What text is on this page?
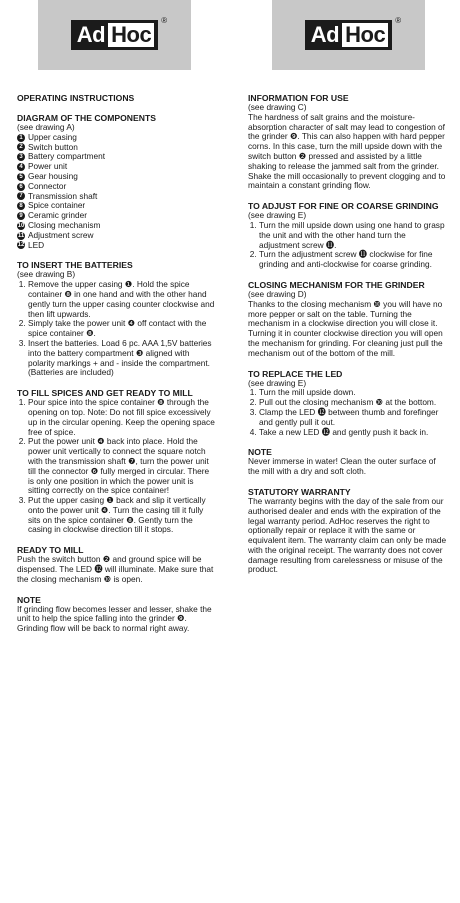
Ad Hoc
®
Ad Hoc
®
OPERATING INSTRUCTIONS
DIAGRAM OF THE COMPONENTS

(see drawing A)

1 Upper casing
2 Switch button
3 Battery compartment
4 Power unit
5 Gear housing
6 Connector
7 Transmission shaft
8 Spice container
9 Ceramic grinder
10 Closing mechanism
11 Adjustment screw
12 LED
TO INSERT THE BATTERIES

(see drawing B)

1. Remove the upper casing ❶. Hold the spice container ❽ in one hand and with the other hand gently turn the upper casing counter clockwise and then lift upwards.
2. Simply take the power unit ❹ off contact with the spice container ❽.
3. Insert the batteries. Load 6 pc. AAA 1,5V batteries into the battery compartment ❸ aligned with polarity markings + and - inside the compartment. (Batteries are included)
TO FILL SPICES AND GET READY TO MILL
1. Pour spice into the spice container ❽ through the opening on top. Note: Do not fill spice excessively up in the circular opening. Keep the opening space free of spice.
2. Put the power unit ❹ back into place. Hold the power unit vertically to connect the square notch with the transmission shaft ❼, turn the power unit till the connector ❻ fully merged in circular. There is only one position in which the power unit is sitting correctly on the spice container!
3. Put the upper casing ❶ back and slip it vertically onto the power unit ❹. Turn the casing till it fully sits on the spice container ❽. Gently turn the casing in clockwise direction till it stops.
READY TO MILL

Push the switch button ❷ and ground spice will be dispensed. The LED ⓬ will illuminate. Make sure that the closing mechanism ❿ is open.

NOTE

If grinding flow becomes lesser and lesser, shake the unit to help the spice falling into the grinder ❾. Grinding flow will be back to normal right away.

INFORMATION FOR USE

(see drawing C)

The hardness of salt grains and the moisture-absorption character of salt may lead to congestion of the grinder ❾. This can also happen with hard pepper corns. In this case, turn the mill upside down with the switch button ❷ pressed and assisted by a little shaking to release the jammed salt from the grinder. Shake the mill occasionally to prevent clogging and to maintain a constant grinding flow.

TO ADJUST FOR FINE OR COARSE GRINDING

(see drawing E)

1. Turn the mill upside down using one hand to grasp the unit and with the other hand turn the adjustment screw ⓫.
2. Turn the adjustment screw ⓫ clockwise for fine grinding and anti-clockwise for coarse grinding.
CLOSING MECHANISM FOR THE GRINDER

(see drawing D)

Thanks to the closing mechanism ❿ you will have no more pepper or salt on the table. Turning the mechanism in a clockwise direction you will close it. Turning it in counter clockwise direction you will open the mechanism for grinding. For cleaning just pull the mechanism out of the bottom of the mill.

TO REPLACE THE LED

(see drawing E)

1. Turn the mill upside down.
2. Pull out the closing mechanism ❿ at the bottom.
3. Clamp the LED ⓬ between thumb and forefinger and gently pull it out.
4. Take a new LED ⓬ and gently push it back in.
NOTE

Never immerse in water! Clean the outer surface of the mill with a dry and soft cloth.

STATUTORY WARRANTY

The warranty begins with the day of the sale from our authorised dealer and ends with the expiration of the legal warranty period. AdHoc reserves the right to optionally repair or replace it with the same or equivalent item. The warranty claim can only be made with the original receipt. The warranty does not cover damage resulting from carelessness or misuse of the product.
